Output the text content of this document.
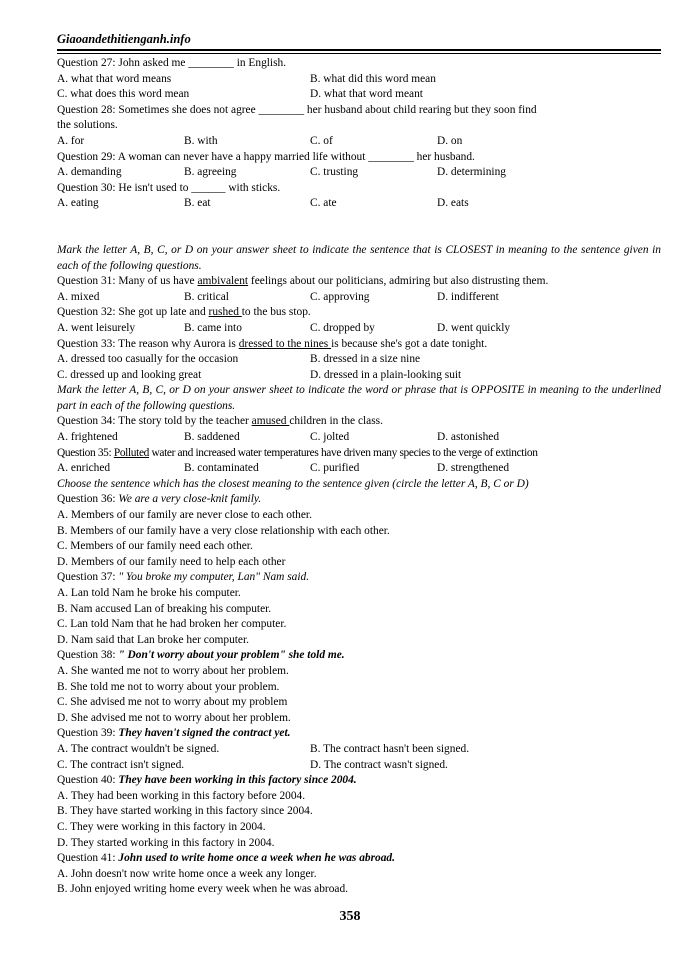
Giaoandethitienganh.info
Question 27: John asked me ________ in English.
A. what that word means	B. what did this word mean
C. what does this word mean	D. what that word meant
Question 28: Sometimes she does not agree ________ her husband about child rearing but they soon find
the solutions.
A. for	B. with	C. of	D. on
Question 29: A woman can never have a happy married life without ________ her husband.
A. demanding	B. agreeing	C. trusting	D. determining
Question 30: He isn't used to ______ with sticks.
A. eating	B. eat	C. ate	D. eats
Mark the letter A, B, C, or D on your answer sheet to indicate the sentence that is CLOSEST in meaning to the sentence given in each of the following questions.
Question 31: Many of us have ambivalent feelings about our politicians, admiring but also distrusting them.
A. mixed	B. critical	C. approving	D. indifferent
Question 32: She got up late and rushed to the bus stop.
A. went leisurely	B. came into	C. dropped by	D. went quickly
Question 33: The reason why Aurora is dressed to the nines is because she's got a date tonight.
A. dressed too casually for the occasion	B. dressed in a size nine
C. dressed up and looking great	D. dressed in a plain-looking suit
Mark the letter A, B, C, or D on your answer sheet to indicate the word or phrase that is OPPOSITE in meaning to the underlined part in each of the following questions.
Question 34: The story told by the teacher amused children in the class.
A. frightened	B. saddened	C. jolted	D. astonished
Question 35: Polluted water and increased water temperatures have driven many species to the verge of extinction
A. enriched	B. contaminated	C. purified	D. strengthened
Choose the sentence which has the closest meaning to the sentence given (circle the letter A, B, C or D)
Question 36: We are a very close-knit family.
A. Members of our family are never close to each other.
B. Members of our family have a very close relationship with each other.
C. Members of our family need each other.
D. Members of our family need to help each other
Question 37: " You broke my computer, Lan" Nam said.
A. Lan told Nam he broke his computer.
B. Nam accused Lan of breaking his computer.
C. Lan told Nam that he had broken her computer.
D. Nam said that Lan broke her computer.
Question 38: " Don't worry about your problem" she told me.
A. She wanted me not to worry about her problem.
B. She told me not to worry about your problem.
C. She advised me not to worry about my problem
D. She advised me not to worry about her problem.
Question 39: They haven't signed the contract yet.
A. The contract wouldn't be signed.	B. The contract hasn't been signed.
C. The contract isn't signed.	D. The contract wasn't signed.
Question 40: They have been working in this factory since 2004.
A. They had been working in this factory before 2004.
B. They have started working in this factory since 2004.
C. They were working in this factory in 2004.
D. They started working in this factory in 2004.
Question 41: John used to write home once a week when he was abroad.
A. John doesn't now write home once a week any longer.
B. John enjoyed writing home every week when he was abroad.
358
